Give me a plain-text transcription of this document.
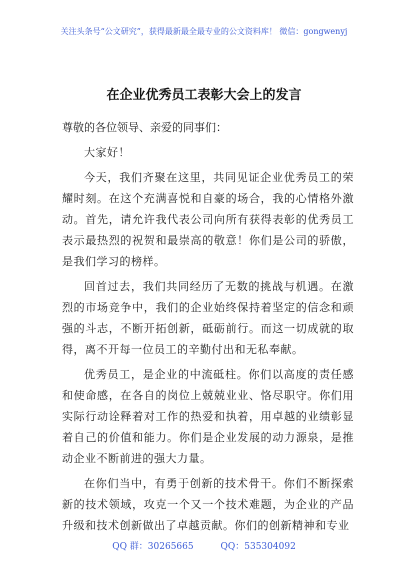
关注头条号“公文研究”，获得最新最全最专业的公文资料库！ 微信：gongwenyj
在企业优秀员工表彰大会上的发言

尊敬的各位领导、亲爱的同事们：

大家好！

今天，我们齐聚在这里，共同见证企业优秀员工的荣耀时刻。在这个充满喜悦和自豪的场合，我的心情格外激动。首先，请允许我代表公司向所有获得表彰的优秀员工表示最热烈的祝贺和最崇高的敬意！你们是公司的骄傲，是我们学习的榜样。

回首过去，我们共同经历了无数的挑战与机遇。在激烈的市场竞争中，我们的企业始终保持着坚定的信念和顽强的斗志，不断开拓创新，砥砺前行。而这一切成就的取得，离不开每一位员工的辛勤付出和无私奉献。

优秀员工，是企业的中流砥柱。你们以高度的责任感和使命感，在各自的岗位上兢兢业业、恪尽职守。你们用实际行动诠释着对工作的热爱和执着，用卓越的业绩彰显着自己的价值和能力。你们是企业发展的动力源泉，是推动企业不断前进的强大力量。

在你们当中，有勇于创新的技术骨干。你们不断探索新的技术领域，攻克一个又一个技术难题，为企业的产品升级和技术创新做出了卓越贡献。你们的创新精神和专业

QQ 群：30265665	QQ：535304092
